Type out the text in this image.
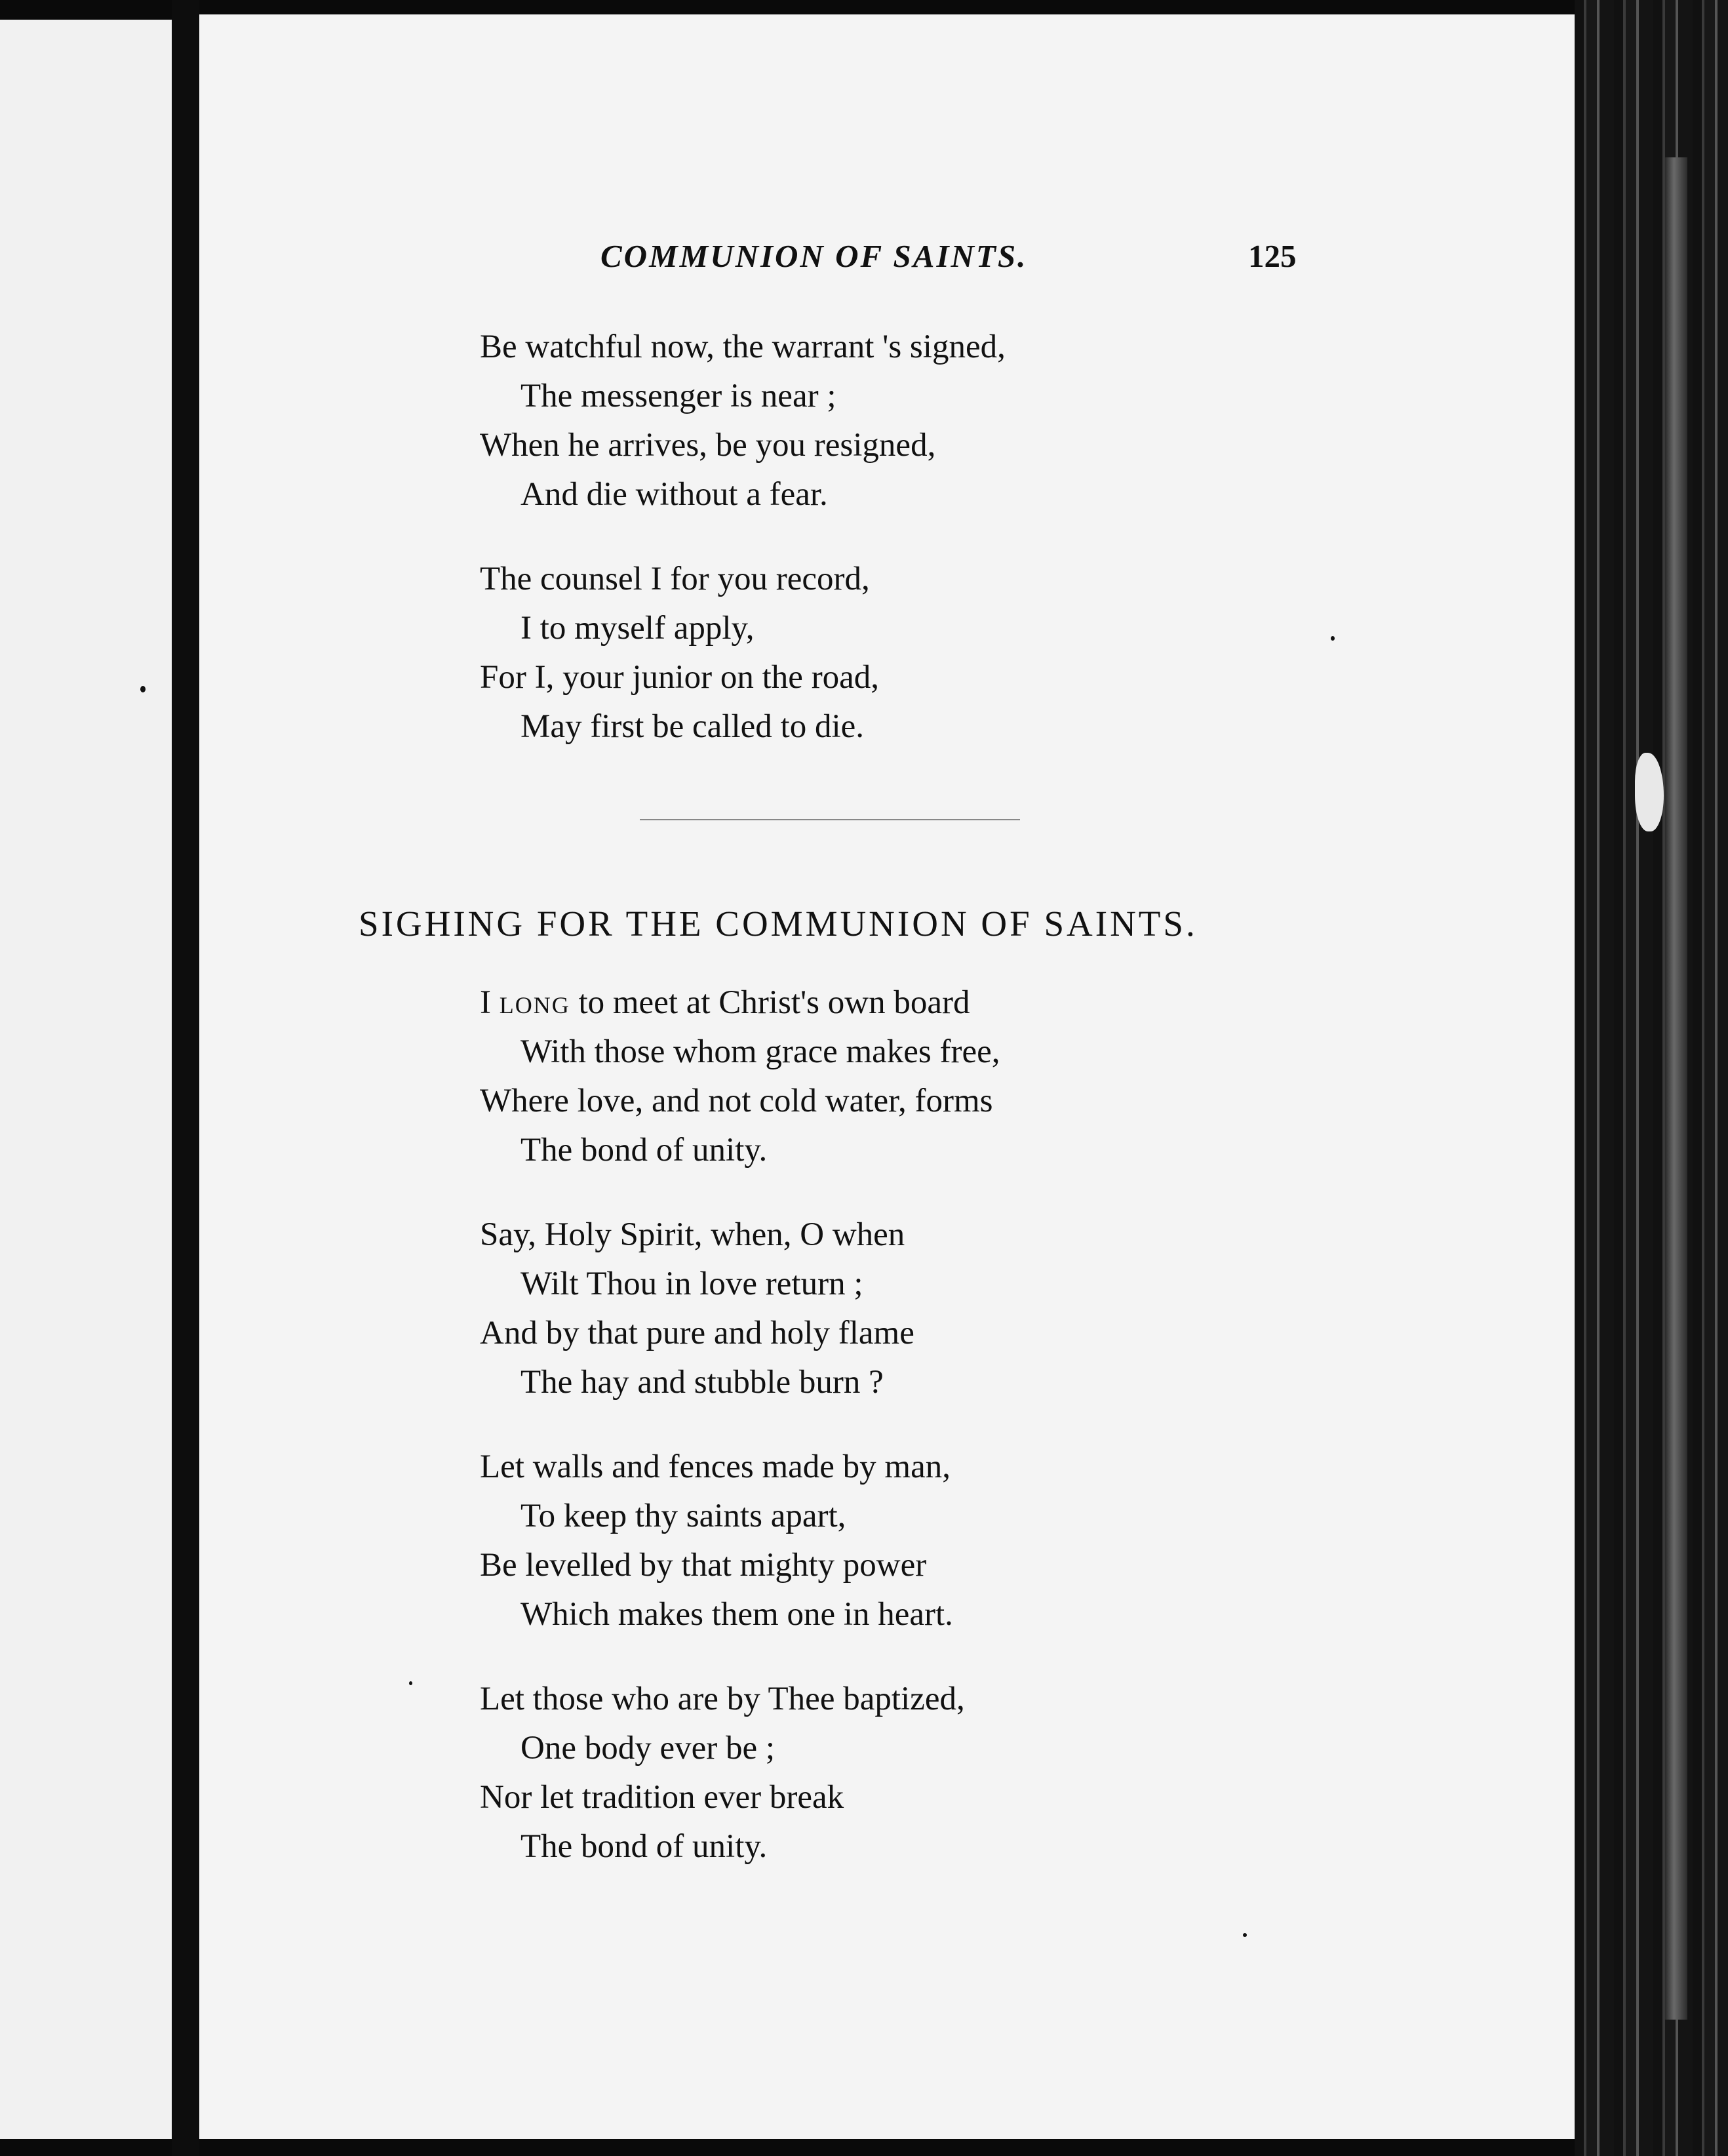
COMMUNION OF SAINTS.	125
Be watchful now, the warrant 's signed,
The messenger is near ;
When he arrives, be you resigned,
And die without a fear.
The counsel I for you record,
I to myself apply,
For I, your junior on the road,
May first be called to die.
SIGHING FOR THE COMMUNION OF SAINTS.
I long to meet at Christ's own board
With those whom grace makes free,
Where love, and not cold water, forms
The bond of unity.
Say, Holy Spirit, when, O when
Wilt Thou in love return ;
And by that pure and holy flame
The hay and stubble burn ?
Let walls and fences made by man,
To keep thy saints apart,
Be levelled by that mighty power
Which makes them one in heart.
Let those who are by Thee baptized,
One body ever be ;
Nor let tradition ever break
The bond of unity.
